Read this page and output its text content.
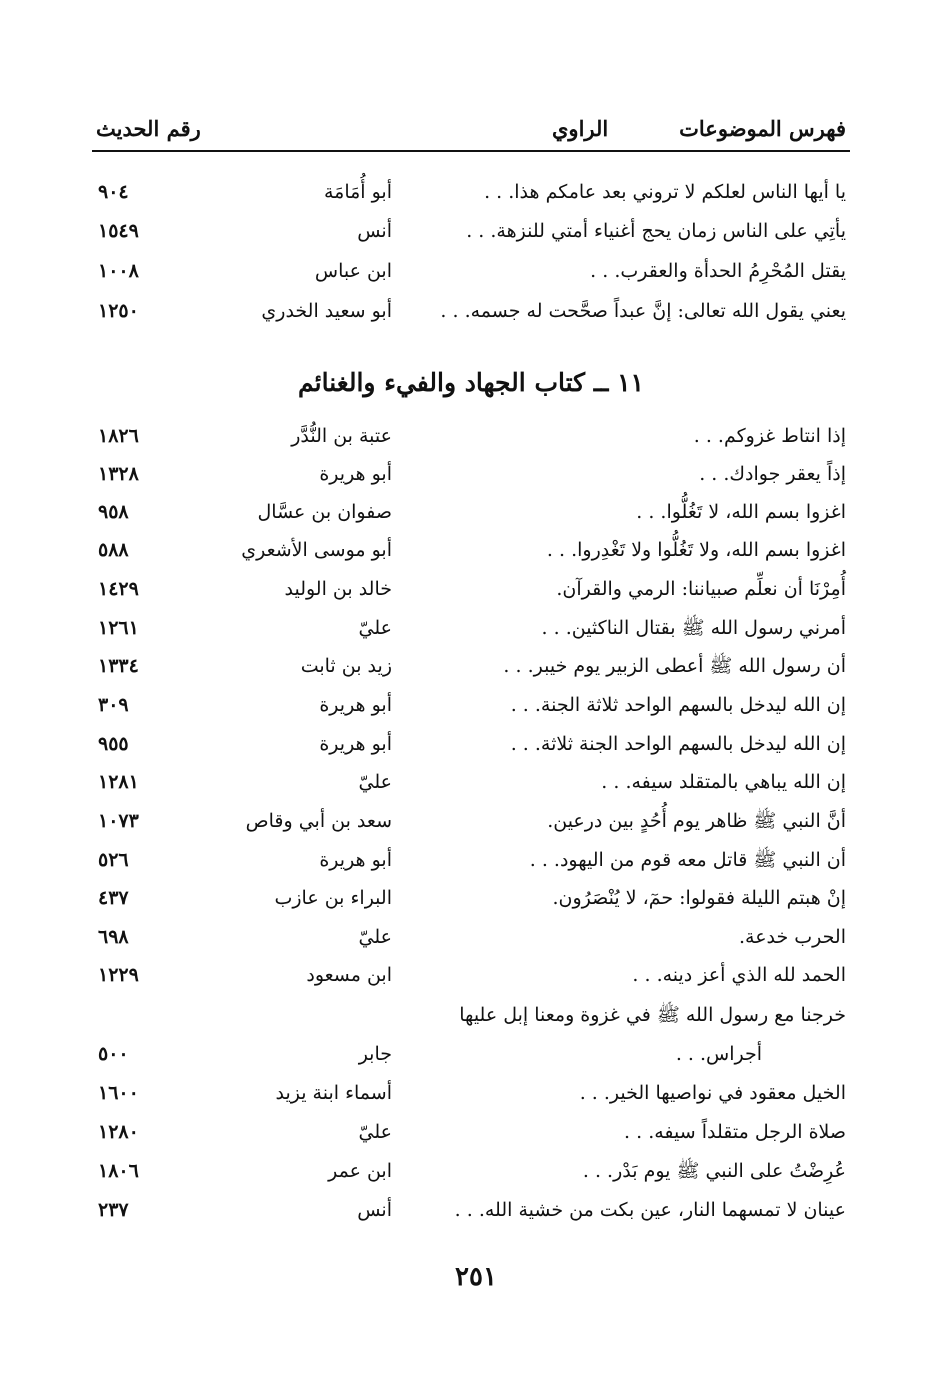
فهرس الموضوعات
الراوي
رقم الحديث
يا أيها الناس لعلكم لا تروني بعد عامكم هذا. . .
أبو أُمَامَة
٩٠٤
يأتِي على الناس زمان يحج أغنياء أمتي للنزهة. . .
أنس
١٥٤٩
يقتل المُحْرِمُ الحدأة والعقرب. . .
ابن عباس
١٠٠٨
يعني يقول الله تعالى: إنَّ عبداً صحَّحت له جسمه. . .
أبو سعيد الخدري
١٢٥٠
١١ ــ كتاب الجهاد والفيء والغنائم
إذا انتاط غزوكم. . .
عتبة بن النُّدَّر
١٨٢٦
إذاً يعقر جوادك. . .
أبو هريرة
١٣٢٨
اغزوا بسم الله، لا تَغُلُّوا. . .
صفوان بن عسَّال
٩٥٨
اغزوا بسم الله، ولا تَغُلُّوا ولا تَغْدِروا. . .
أبو موسى الأشعري
٥٨٨
أُمِرْنَا أن نعلِّم صبياننا: الرمي والقرآن.
خالد بن الوليد
١٤٢٩
أمرني رسول الله ﷺ بقتال الناكثين. . .
عليّ
١٢٦١
أن رسول الله ﷺ أعطى الزبير يوم خيبر. . .
زيد بن ثابت
١٣٣٤
إن الله ليدخل بالسهم الواحد ثلاثة الجنة. . .
أبو هريرة
٣٠٩
إن الله ليدخل بالسهم الواحد الجنة ثلاثة. . .
أبو هريرة
٩٥٥
إن الله يباهي بالمتقلد سيفه. . .
عليّ
١٢٨١
أنَّ النبي ﷺ ظاهر يوم أُحُدٍ بين درعين.
سعد بن أبي وقاص
١٠٧٣
أن النبي ﷺ قاتل معه قوم من اليهود. . .
أبو هريرة
٥٢٦
إنْ هبتم الليلة فقولوا: حمٓ، لا يُنْصَرُون.
البراء بن عازب
٤٣٧
الحرب خدعة.
عليّ
٦٩٨
الحمد لله الذي أعز دينه. . .
ابن مسعود
١٢٢٩
خرجنا مع رسول الله ﷺ في غزوة ومعنا إبل عليها
أجراس. . .
جابر
٥٠٠
الخيل معقود في نواصيها الخير. . .
أسماء ابنة يزيد
١٦٠٠
صلاة الرجل متقلداً سيفه. . .
عليّ
١٢٨٠
عُرِضْتُ على النبي ﷺ يوم بَدْر. . .
ابن عمر
١٨٠٦
عينان لا تمسهما النار، عين بكت من خشية الله. . .
أنس
٢٣٧
٢٥١
